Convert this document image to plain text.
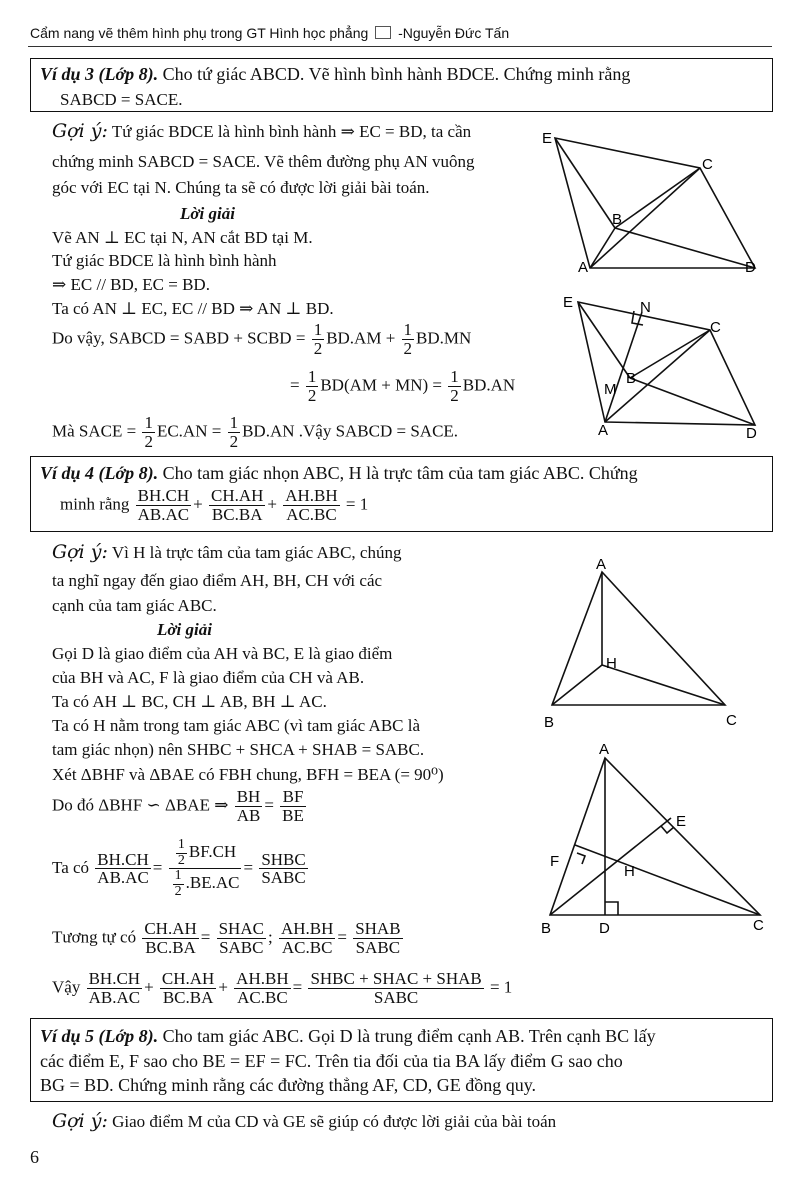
Cẩm nang vẽ thêm hình phụ trong GT Hình học phẳng -Nguyễn Đức Tấn
Ví dụ 3 (Lớp 8). Cho tứ giác ABCD. Vẽ hình bình hành BDCE. Chứng minh rằng
SABCD = SACE.
Gợi ý: Tứ giác BDCE là hình bình hành ⇒ EC = BD, ta cần
chứng minh SABCD = SACE. Vẽ thêm đường phụ AN vuông
góc với EC tại N. Chúng ta sẽ có được lời giải bài toán.
Lời giải
Vẽ AN ⊥ EC tại N, AN cắt BD tại M.
Tứ giác BDCE là hình bình hành
⇒ EC // BD, EC = BD.
Ta có AN ⊥ EC, EC // BD ⇒ AN ⊥ BD.
Do vậy, SABCD = SABD + SCBD = $\frac{1}{2} BD.AM + \frac{1}{2} BD.MN$
= $\frac{1}{2} BD(AM + MN) = \frac{1}{2} BD.AN$
Mà SACE = $\frac{1}{2} EC.AN = \frac{1}{2} BD.AN$ .Vậy SABCD = SACE.
E
C
B
A	D
E	N
C
M
B
A	D
Ví dụ 4 (Lớp 8). Cho tam giác nhọn ABC, H là trực tâm của tam giác ABC. Chứng
minh rằng $\frac{BH.CH}{AB.AC} + \frac{CH.AH}{BC.BA} + \frac{AH.BH}{AC.BC} = 1$
Gợi ý: Vì H là trực tâm của tam giác ABC, chúng
ta nghĩ ngay đến giao điểm AH, BH, CH với các
cạnh của tam giác ABC.
Lời giải
Gọi D là giao điểm của AH và BC, E là giao điểm
của BH và AC, F là giao điểm của CH và AB.
Ta có AH ⊥ BC, CH ⊥ AB, BH ⊥ AC.
Ta có H nằm trong tam giác ABC (vì tam giác ABC là
tam giác nhọn) nên SHBC + SHCA + SHAB = SABC.
Xét ΔBHF và ΔBAE có FBH chung, BFH = BEA (= 90⁰)
Do đó ΔBHF ∽ ΔBAE ⇒ $\frac{BH}{AB} = \frac{BF}{BE}$
Ta có $\frac{BH.CH}{AB.AC} = \frac{\frac{1}{2} BF.CH}{\frac{1}{2} .BE.AC} = \frac{\text{SHBC}}{\text{SABC}}$
Tương tự có $\frac{CH.AH}{BC.BA} = \frac{\text{SHAC}}{\text{SABC}}$ ; $\frac{AH.BH}{AC.BC} = \frac{\text{SHAB}}{\text{SABC}}$
Vậy $\frac{BH.CH}{AB.AC} + \frac{CH.AH}{BC.BA} + \frac{AH.BH}{AC.BC} = \frac{\text{SHBC + SHAC + SHAB}}{\text{SABC}} = 1$
A
H
B	C
A
E
F
H
B	D	C
Ví dụ 5 (Lớp 8). Cho tam giác ABC. Gọi D là trung điểm cạnh AB. Trên cạnh BC lấy
các điểm E, F sao cho BE = EF = FC. Trên tia đối của tia BA lấy điểm G sao cho
BG = BD. Chứng minh rằng các đường thẳng AF, CD, GE đồng quy.
Gợi ý: Giao điểm M của CD và GE sẽ giúp có được lời giải của bài toán
6
